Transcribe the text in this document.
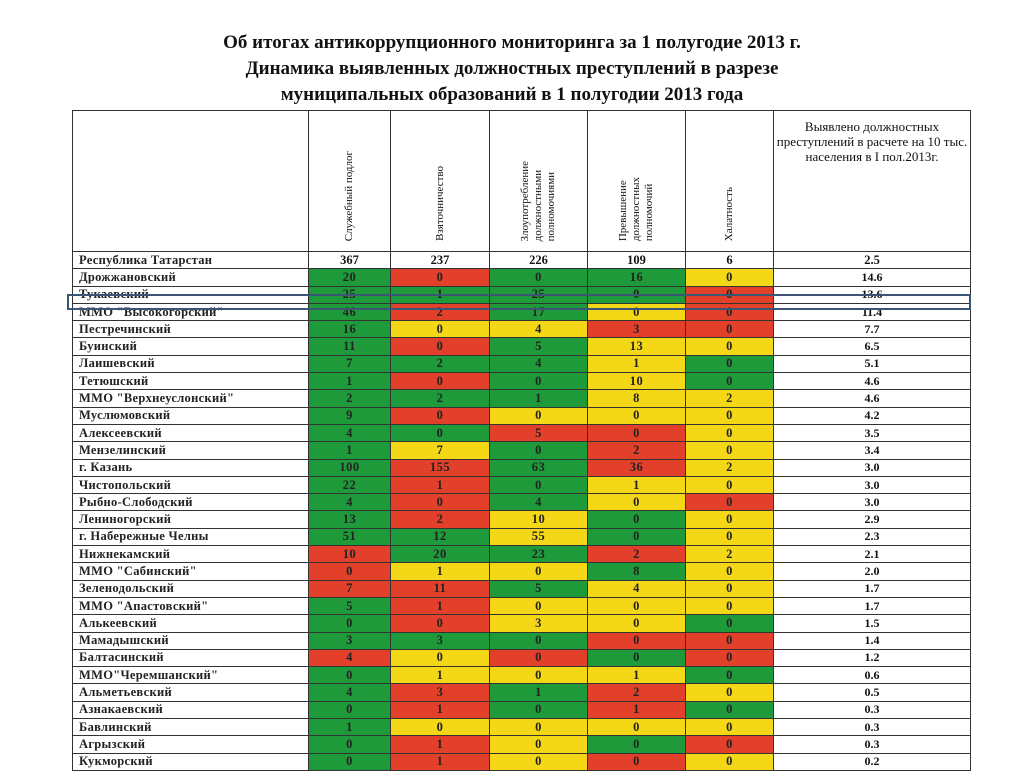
Об итогах антикоррупционного мониторинга за 1 полугодие 2013 г.
Динамика выявленных должностных преступлений в разрезе
муниципальных образований в 1 полугодии 2013 года
	Служебный подлог	Взяточничество	Злоупотребление
должностными
полномочиями	Превышение
должностных
полномочий	Халатность	Выявлено должностных преступлений в расчете на 10 тыс. населения в I пол.2013г.
Республика Татарстан	367	237	226	109	6	2.5
Дрожжановский	20	0	0	16	0	14.6
Тукаевский	25	1	25	0	0	13.6
ММО "Высокогорский"	46	2	17	0	0	11.4
Пестречинский	16	0	4	3	0	7.7
Буинский	11	0	5	13	0	6.5
Лаишевский	7	2	4	1	0	5.1
Тетюшский	1	0	0	10	0	4.6
ММО "Верхнеуслонский"	2	2	1	8	2	4.6
Муслюмовский	9	0	0	0	0	4.2
Алексеевский	4	0	5	0	0	3.5
Мензелинский	1	7	0	2	0	3.4
г. Казань	100	155	63	36	2	3.0
Чистопольский	22	1	0	1	0	3.0
Рыбно-Слободский	4	0	4	0	0	3.0
Лениногорский	13	2	10	0	0	2.9
г. Набережные Челны	51	12	55	0	0	2.3
Нижнекамский	10	20	23	2	2	2.1
ММО "Сабинский"	0	1	0	8	0	2.0
Зеленодольский	7	11	5	4	0	1.7
ММО "Апастовский"	5	1	0	0	0	1.7
Алькеевский	0	0	3	0	0	1.5
Мамадышский	3	3	0	0	0	1.4
Балтасинский	4	0	0	0	0	1.2
ММО"Черемшанский"	0	1	0	1	0	0.6
Альметьевский	4	3	1	2	0	0.5
Азнакаевский	0	1	0	1	0	0.3
Бавлинский	1	0	0	0	0	0.3
Агрызский	0	1	0	0	0	0.3
Кукморский	0	1	0	0	0	0.2
